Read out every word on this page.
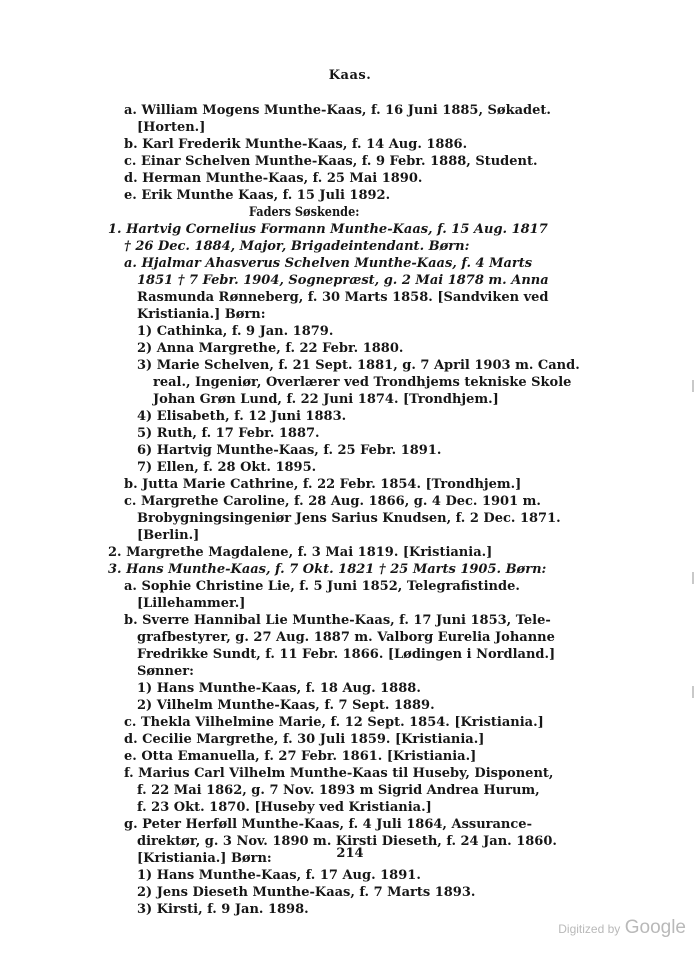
Kaas.
a. William Mogens Munthe-Kaas, f. 16 Juni 1885, Søkadet.
[Horten.]
b. Karl Frederik Munthe-Kaas, f. 14 Aug. 1886.
c. Einar Schelven Munthe-Kaas, f. 9 Febr. 1888, Student.
d. Herman Munthe-Kaas, f. 25 Mai 1890.
e. Erik Munthe Kaas, f. 15 Juli 1892.
Faders Søskende:
1. Hartvig Cornelius Formann Munthe-Kaas, f. 15 Aug. 1817
† 26 Dec. 1884, Major, Brigadeintendant. Børn:
a. Hjalmar Ahasverus Schelven Munthe-Kaas, f. 4 Marts
1851 † 7 Febr. 1904, Sognepræst, g. 2 Mai 1878 m. Anna
Rasmunda Rønneberg, f. 30 Marts 1858. [Sandviken ved
Kristiania.] Børn:
1) Cathinka, f. 9 Jan. 1879.
2) Anna Margrethe, f. 22 Febr. 1880.
3) Marie Schelven, f. 21 Sept. 1881, g. 7 April 1903 m. Cand.
real., Ingeniør, Overlærer ved Trondhjems tekniske Skole
Johan Grøn Lund, f. 22 Juni 1874. [Trondhjem.]
4) Elisabeth, f. 12 Juni 1883.
5) Ruth, f. 17 Febr. 1887.
6) Hartvig Munthe-Kaas, f. 25 Febr. 1891.
7) Ellen, f. 28 Okt. 1895.
b. Jutta Marie Cathrine, f. 22 Febr. 1854. [Trondhjem.]
c. Margrethe Caroline, f. 28 Aug. 1866, g. 4 Dec. 1901 m.
Brobygningsingeniør Jens Sarius Knudsen, f. 2 Dec. 1871.
[Berlin.]
2. Margrethe Magdalene, f. 3 Mai 1819. [Kristiania.]
3. Hans Munthe-Kaas, f. 7 Okt. 1821 † 25 Marts 1905. Børn:
a. Sophie Christine Lie, f. 5 Juni 1852, Telegrafistinde.
[Lillehammer.]
b. Sverre Hannibal Lie Munthe-Kaas, f. 17 Juni 1853, Tele-
grafbestyrer, g. 27 Aug. 1887 m. Valborg Eurelia Johanne
Fredrikke Sundt, f. 11 Febr. 1866. [Lødingen i Nordland.]
Sønner:
1) Hans Munthe-Kaas, f. 18 Aug. 1888.
2) Vilhelm Munthe-Kaas, f. 7 Sept. 1889.
c. Thekla Vilhelmine Marie, f. 12 Sept. 1854. [Kristiania.]
d. Cecilie Margrethe, f. 30 Juli 1859. [Kristiania.]
e. Otta Emanuella, f. 27 Febr. 1861. [Kristiania.]
f. Marius Carl Vilhelm Munthe-Kaas til Huseby, Disponent,
f. 22 Mai 1862, g. 7 Nov. 1893 m Sigrid Andrea Hurum,
f. 23 Okt. 1870. [Huseby ved Kristiania.]
g. Peter Herføll Munthe-Kaas, f. 4 Juli 1864, Assurance-
direktør, g. 3 Nov. 1890 m. Kirsti Dieseth, f. 24 Jan. 1860.
[Kristiania.] Børn:
1) Hans Munthe-Kaas, f. 17 Aug. 1891.
2) Jens Dieseth Munthe-Kaas, f. 7 Marts 1893.
3) Kirsti, f. 9 Jan. 1898.
214
Digitized by Google
